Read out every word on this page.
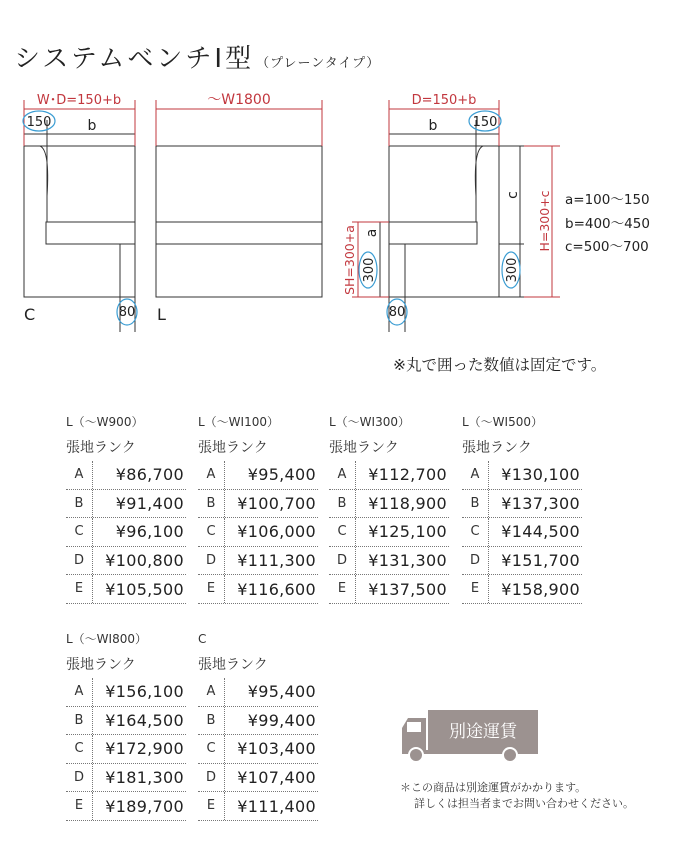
システムベンチⅠ型 （プレーンタイプ）
W･D=150+b
150	b
80
C
～W1800
L
D=150+b
b	150
80
c
a
300	300
SH=300+a
H=300+c a=100～150
b=400～450
c=500～700
※丸で囲った数値は固定です。
L（～W900）
張地ランク
A	¥86,700
B	¥91,400
C	¥96,100
D	¥100,800
E	¥105,500
L（～WI100）
張地ランク
A	¥95,400
B	¥100,700
C	¥106,000
D	¥111,300
E	¥116,600
L（～WI300）
張地ランク
A	¥112,700
B	¥118,900
C	¥125,100
D	¥131,300
E	¥137,500
L（～WI500）
張地ランク
A	¥130,100
B	¥137,300
C	¥144,500
D	¥151,700
E	¥158,900
L（～WI800）
張地ランク
A	¥156,100
B	¥164,500
C	¥172,900
D	¥181,300
E	¥189,700
C
張地ランク
A	¥95,400
B	¥99,400
C	¥103,400
D	¥107,400
E	¥111,400
別途運賃
＊この商品は別途運賃がかかります。
詳しくは担当者までお問い合わせください。
